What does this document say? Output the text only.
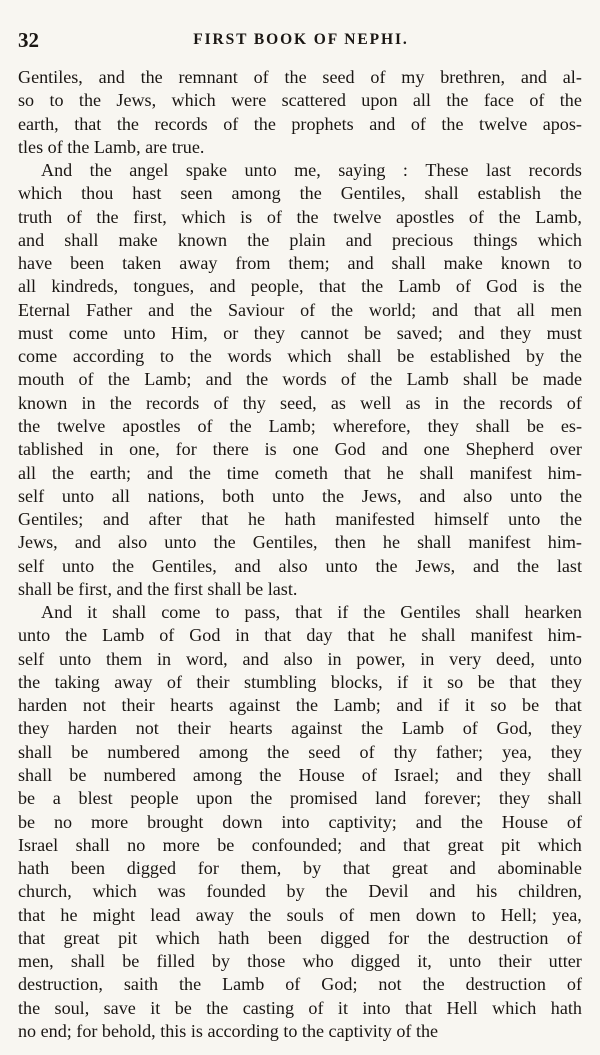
32	FIRST BOOK OF NEPHI.
Gentiles, and the remnant of the seed of my brethren, and al-
so to the Jews, which were scattered upon all the face of the
earth, that the records of the prophets and of the twelve apos-
tles of the Lamb, are true.
And the angel spake unto me, saying : These last records
which thou hast seen among the Gentiles, shall establish the
truth of the first, which is of the twelve apostles of the Lamb,
and shall make known the plain and precious things which
have been taken away from them; and shall make known to
all kindreds, tongues, and people, that the Lamb of God is the
Eternal Father and the Saviour of the world; and that all men
must come unto Him, or they cannot be saved; and they must
come according to the words which shall be established by the
mouth of the Lamb; and the words of the Lamb shall be made
known in the records of thy seed, as well as in the records of
the twelve apostles of the Lamb; wherefore, they shall be es-
tablished in one, for there is one God and one Shepherd over
all the earth; and the time cometh that he shall manifest him-
self unto all nations, both unto the Jews, and also unto the
Gentiles; and after that he hath manifested himself unto the
Jews, and also unto the Gentiles, then he shall manifest him-
self unto the Gentiles, and also unto the Jews, and the last
shall be first, and the first shall be last.
And it shall come to pass, that if the Gentiles shall hearken
unto the Lamb of God in that day that he shall manifest him-
self unto them in word, and also in power, in very deed, unto
the taking away of their stumbling blocks, if it so be that they
harden not their hearts against the Lamb; and if it so be that
they harden not their hearts against the Lamb of God, they
shall be numbered among the seed of thy father; yea, they
shall be numbered among the House of Israel; and they shall
be a blest people upon the promised land forever; they shall
be no more brought down into captivity; and the House of
Israel shall no more be confounded; and that great pit which
hath been digged for them, by that great and abominable
church, which was founded by the Devil and his children,
that he might lead away the souls of men down to Hell; yea,
that great pit which hath been digged for the destruction of
men, shall be filled by those who digged it, unto their utter
destruction, saith the Lamb of God; not the destruction of
the soul, save it be the casting of it into that Hell which hath
no end; for behold, this is according to the captivity of the
